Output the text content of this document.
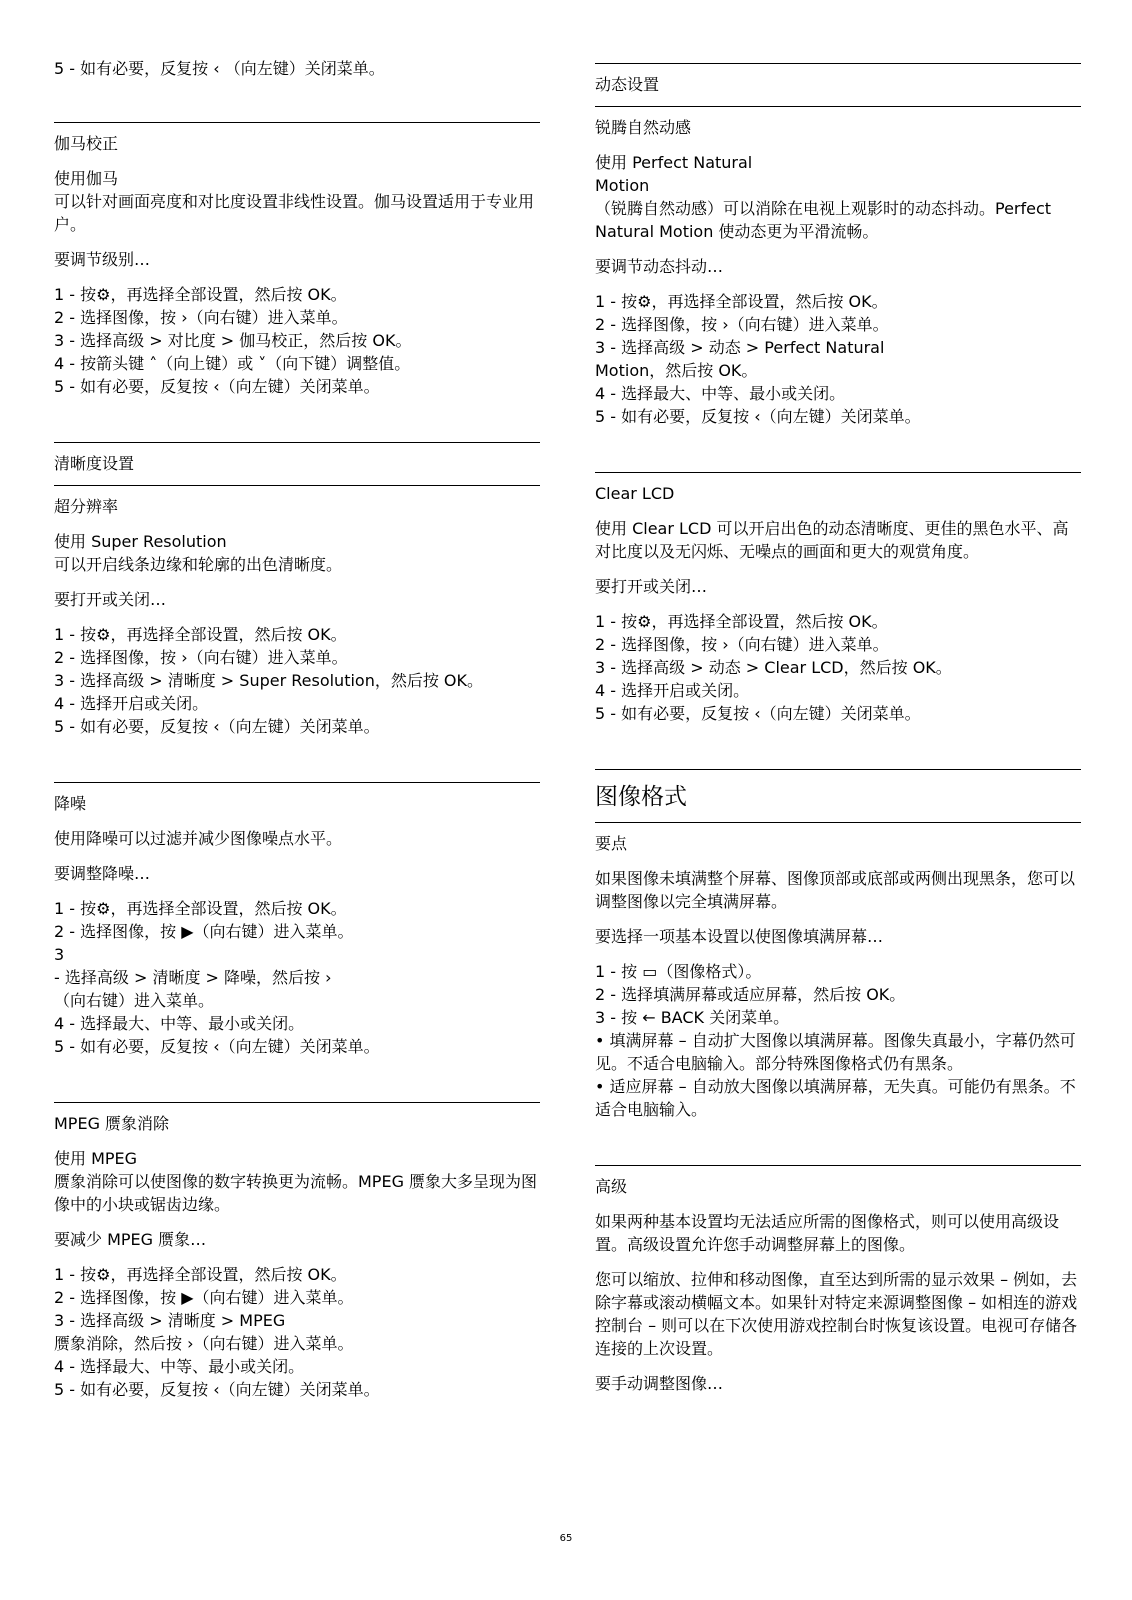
5 - 如有必要，反复按 ‹ （向左键）关闭菜单。
伽马校正
使用伽马
可以针对画面亮度和对比度设置非线性设置。伽马设置适用于专业用户。
要调节级别…
1 - 按⚙，再选择全部设置，然后按 OK。
2 - 选择图像，按 ›（向右键）进入菜单。
3 - 选择高级 > 对比度 > 伽马校正，然后按 OK。
4 - 按箭头键 ˄（向上键）或 ˅（向下键）调整值。
5 - 如有必要，反复按 ‹（向左键）关闭菜单。
清晰度设置
超分辨率
使用 Super Resolution
可以开启线条边缘和轮廓的出色清晰度。
要打开或关闭…
1 - 按⚙，再选择全部设置，然后按 OK。
2 - 选择图像，按 ›（向右键）进入菜单。
3 - 选择高级 > 清晰度 > Super Resolution，然后按 OK。
4 - 选择开启或关闭。
5 - 如有必要，反复按 ‹（向左键）关闭菜单。
降噪
使用降噪可以过滤并减少图像噪点水平。
要调整降噪…
1 - 按⚙，再选择全部设置，然后按 OK。
2 - 选择图像，按 ▶（向右键）进入菜单。
3
- 选择高级 > 清晰度 > 降噪，然后按 ›
（向右键）进入菜单。
4 - 选择最大、中等、最小或关闭。
5 - 如有必要，反复按 ‹（向左键）关闭菜单。
MPEG 赝象消除
使用 MPEG
赝象消除可以使图像的数字转换更为流畅。MPEG 赝象大多呈现为图像中的小块或锯齿边缘。
要减少 MPEG 赝象…
1 - 按⚙，再选择全部设置，然后按 OK。
2 - 选择图像，按 ▶（向右键）进入菜单。
3 - 选择高级 > 清晰度 > MPEG
赝象消除，然后按 ›（向右键）进入菜单。
4 - 选择最大、中等、最小或关闭。
5 - 如有必要，反复按 ‹（向左键）关闭菜单。
动态设置
锐腾自然动感
使用 Perfect Natural
Motion
（锐腾自然动感）可以消除在电视上观影时的动态抖动。Perfect Natural Motion 使动态更为平滑流畅。
要调节动态抖动…
1 - 按⚙，再选择全部设置，然后按 OK。
2 - 选择图像，按 ›（向右键）进入菜单。
3 - 选择高级 > 动态 > Perfect Natural
Motion，然后按 OK。
4 - 选择最大、中等、最小或关闭。
5 - 如有必要，反复按 ‹（向左键）关闭菜单。
Clear LCD
使用 Clear LCD 可以开启出色的动态清晰度、更佳的黑色水平、高对比度以及无闪烁、无噪点的画面和更大的观赏角度。
要打开或关闭…
1 - 按⚙，再选择全部设置，然后按 OK。
2 - 选择图像，按 ›（向右键）进入菜单。
3 - 选择高级 > 动态 > Clear LCD，然后按 OK。
4 - 选择开启或关闭。
5 - 如有必要，反复按 ‹（向左键）关闭菜单。
图像格式
要点
如果图像未填满整个屏幕、图像顶部或底部或两侧出现黑条，您可以调整图像以完全填满屏幕。
要选择一项基本设置以使图像填满屏幕…
1 - 按 ▭（图像格式）。
2 - 选择填满屏幕或适应屏幕，然后按 OK。
3 - 按 ← BACK 关闭菜单。
• 填满屏幕 – 自动扩大图像以填满屏幕。图像失真最小，字幕仍然可见。不适合电脑输入。部分特殊图像格式仍有黑条。
• 适应屏幕 – 自动放大图像以填满屏幕，无失真。可能仍有黑条。不适合电脑输入。
高级
如果两种基本设置均无法适应所需的图像格式，则可以使用高级设置。高级设置允许您手动调整屏幕上的图像。
您可以缩放、拉伸和移动图像，直至达到所需的显示效果 – 例如，去除字幕或滚动横幅文本。如果针对特定来源调整图像 – 如相连的游戏控制台 – 则可以在下次使用游戏控制台时恢复该设置。电视可存储各连接的上次设置。
要手动调整图像…
65
